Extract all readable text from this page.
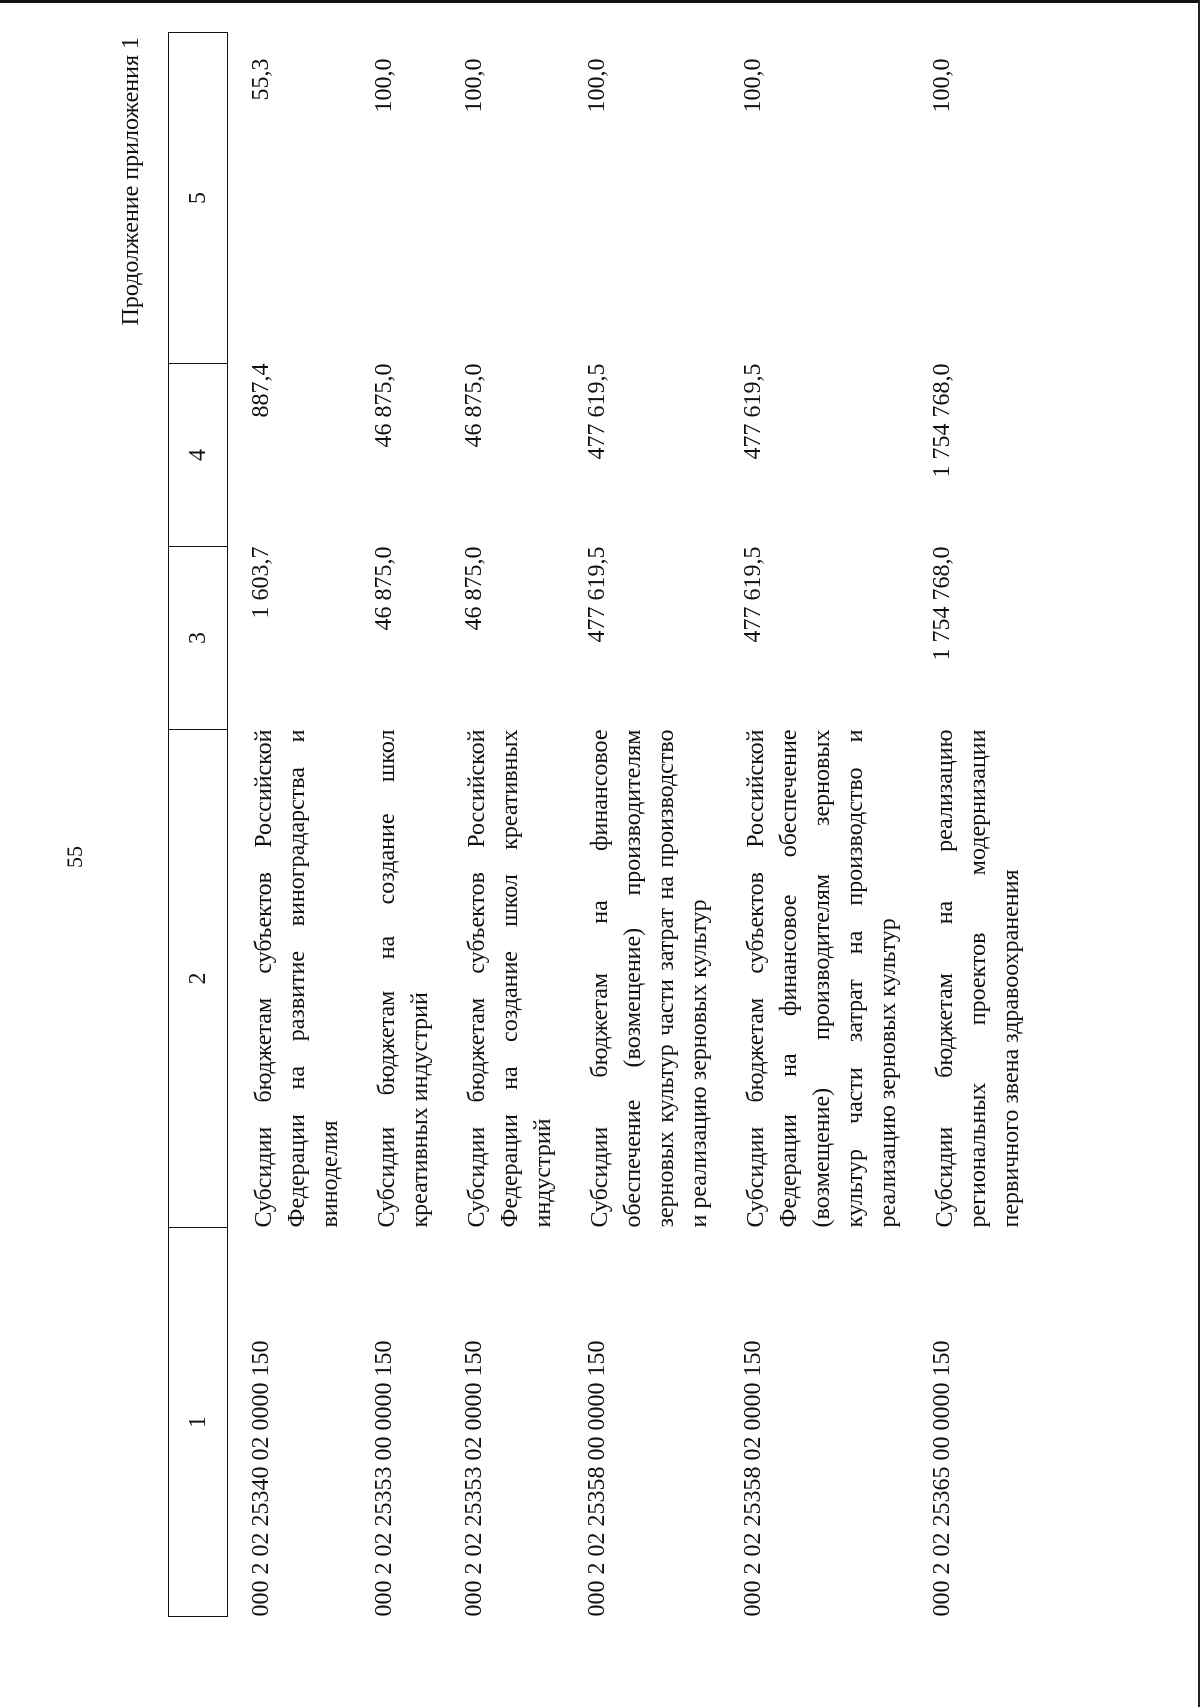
55
Продолжение приложения 1
1	2	3	4	5

000 2 02 25340 02 0000 150	Субсидии бюджетам субъектов Российской Федерации на развитие виноградарства и виноделия	1 603,7	887,4	55,3

000 2 02 25353 00 0000 150	Субсидии бюджетам на создание школ креативных индустрий	46 875,0	46 875,0	100,0

000 2 02 25353 02 0000 150	Субсидии бюджетам субъектов Российской Федерации на создание школ креативных индустрий	46 875,0	46 875,0	100,0

000 2 02 25358 00 0000 150	Субсидии бюджетам на финансовое обеспечение (возмещение) производителям зерновых культур части затрат на производство и реализацию зерновых культур	477 619,5	477 619,5	100,0

000 2 02 25358 02 0000 150	Субсидии бюджетам субъектов Российской Федерации на финансовое обеспечение (возмещение) производителям зерновых культур части затрат на производство и реализацию зерновых культур	477 619,5	477 619,5	100,0

000 2 02 25365 00 0000 150	Субсидии бюджетам на реализацию региональных проектов модернизации первичного звена здравоохранения	1 754 768,0	1 754 768,0	100,0
